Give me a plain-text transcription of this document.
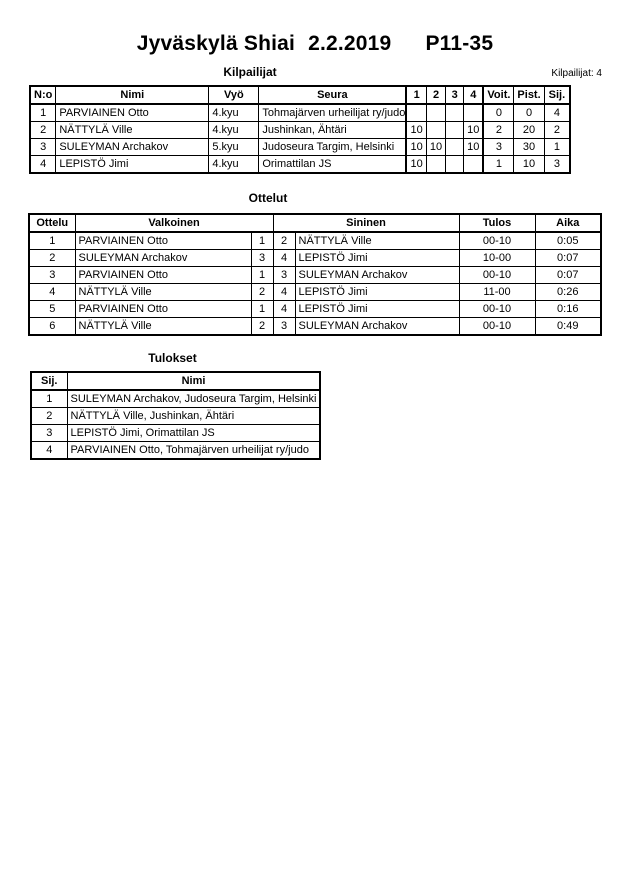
Jyväskylä Shiai 2.2.2019 P11-35
Kilpailijat: 4
Kilpailijat
N:o	Nimi	Vyö	Seura	1	2	3	4	Voit.	Pist.	Sij.
1	PARVIAINEN Otto	4.kyu	Tohmajärven urheilijat ry/judo					0	0	4
2	NÄTTYLÄ Ville	4.kyu	Jushinkan, Ähtäri	10			10	2	20	2
3	SULEYMAN Archakov	5.kyu	Judoseura Targim, Helsinki	10	10		10	3	30	1
4	LEPISTÖ Jimi	4.kyu	Orimattilan JS	10				1	10	3
Ottelut
Ottelu	Valkoinen		Sininen		Tulos	Aika
1	PARVIAINEN Otto	1	2	NÄTTYLÄ Ville	00-10	0:05
2	SULEYMAN Archakov	3	4	LEPISTÖ Jimi	10-00	0:07
3	PARVIAINEN Otto	1	3	SULEYMAN Archakov	00-10	0:07
4	NÄTTYLÄ Ville	2	4	LEPISTÖ Jimi	11-00	0:26
5	PARVIAINEN Otto	1	4	LEPISTÖ Jimi	00-10	0:16
6	NÄTTYLÄ Ville	2	3	SULEYMAN Archakov	00-10	0:49
Tulokset
Sij.	Nimi
1	SULEYMAN Archakov, Judoseura Targim, Helsinki
2	NÄTTYLÄ Ville, Jushinkan, Ähtäri
3	LEPISTÖ Jimi, Orimattilan JS
4	PARVIAINEN Otto, Tohmajärven urheilijat ry/judo
